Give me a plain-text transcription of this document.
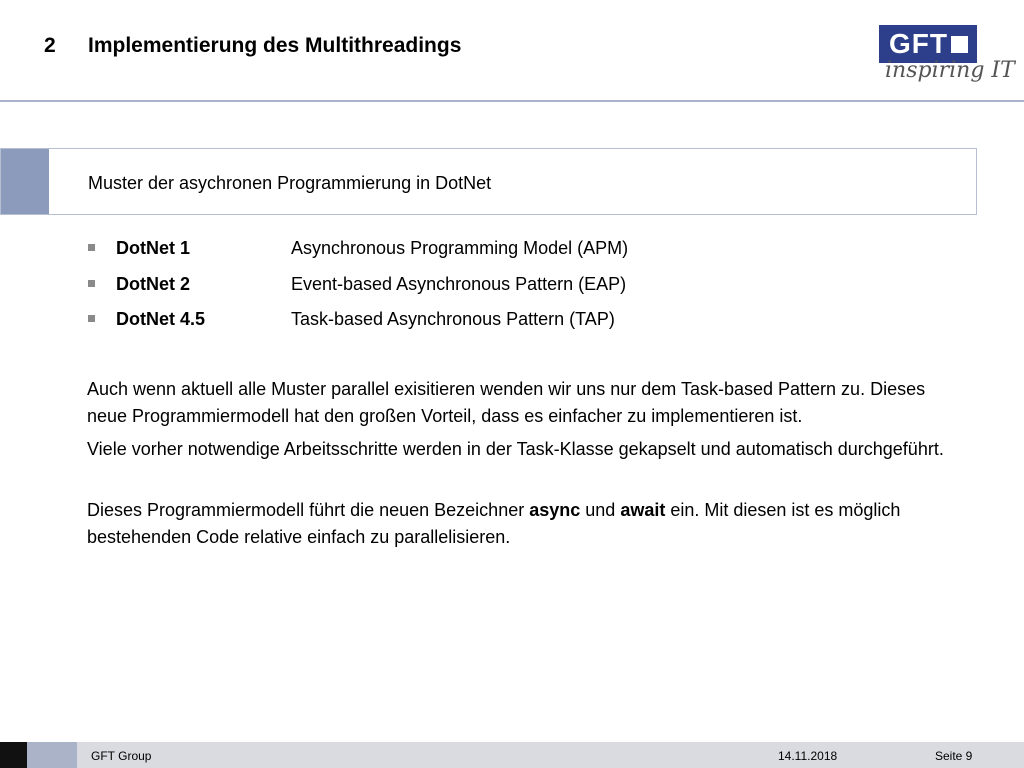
2 Implementierung des Multithreadings	GFT
inspiring IT
Muster der asychronen Programmierung in DotNet
DotNet 1	Asynchronous Programming Model (APM)
DotNet 2	Event-based Asynchronous Pattern (EAP)
DotNet 4.5	Task-based Asynchronous Pattern (TAP)
Auch wenn aktuell alle Muster parallel exisitieren wenden wir uns nur dem Task-based Pattern zu. Dieses neue Programmiermodell hat den großen Vorteil, dass es einfacher zu implementieren ist.
Viele vorher notwendige Arbeitsschritte werden in der Task-Klasse gekapselt und automatisch durchgeführt.
Dieses Programmiermodell führt die neuen Bezeichner async und await ein. Mit diesen ist es möglich bestehenden Code relative einfach zu parallelisieren.
GFT Group	14.11.2018	Seite 9
